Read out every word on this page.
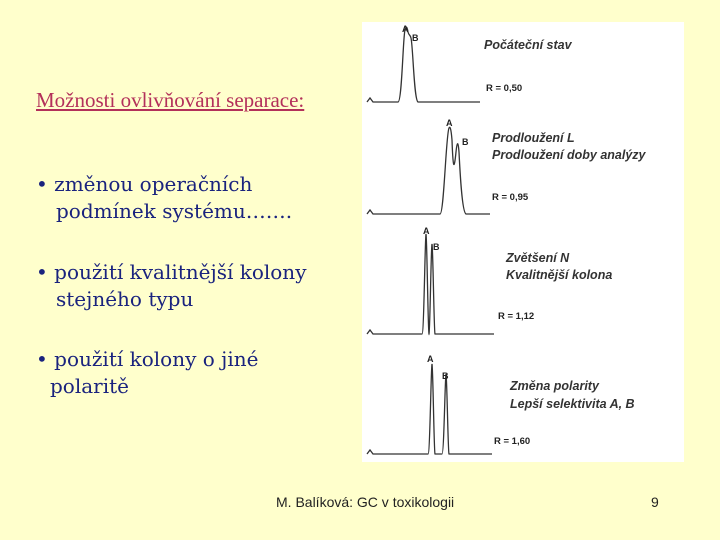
Možnosti ovlivňování separace:
• změnou operačních
podmínek systému…….
• použití kvalitnější kolony
stejného typu
• použití kolony o jiné
polaritě
A
B	Počáteční stav
R = 0,50
A
B Prodloužení L
Prodloužení doby analýzy
R = 0,95
A
B
Zvětšení N
Kvalitnější kolona
R = 1,12
A
B
Změna polarity
Lepší selektivita A, B
R = 1,60
M. Balíková: GC v toxikologii	9
